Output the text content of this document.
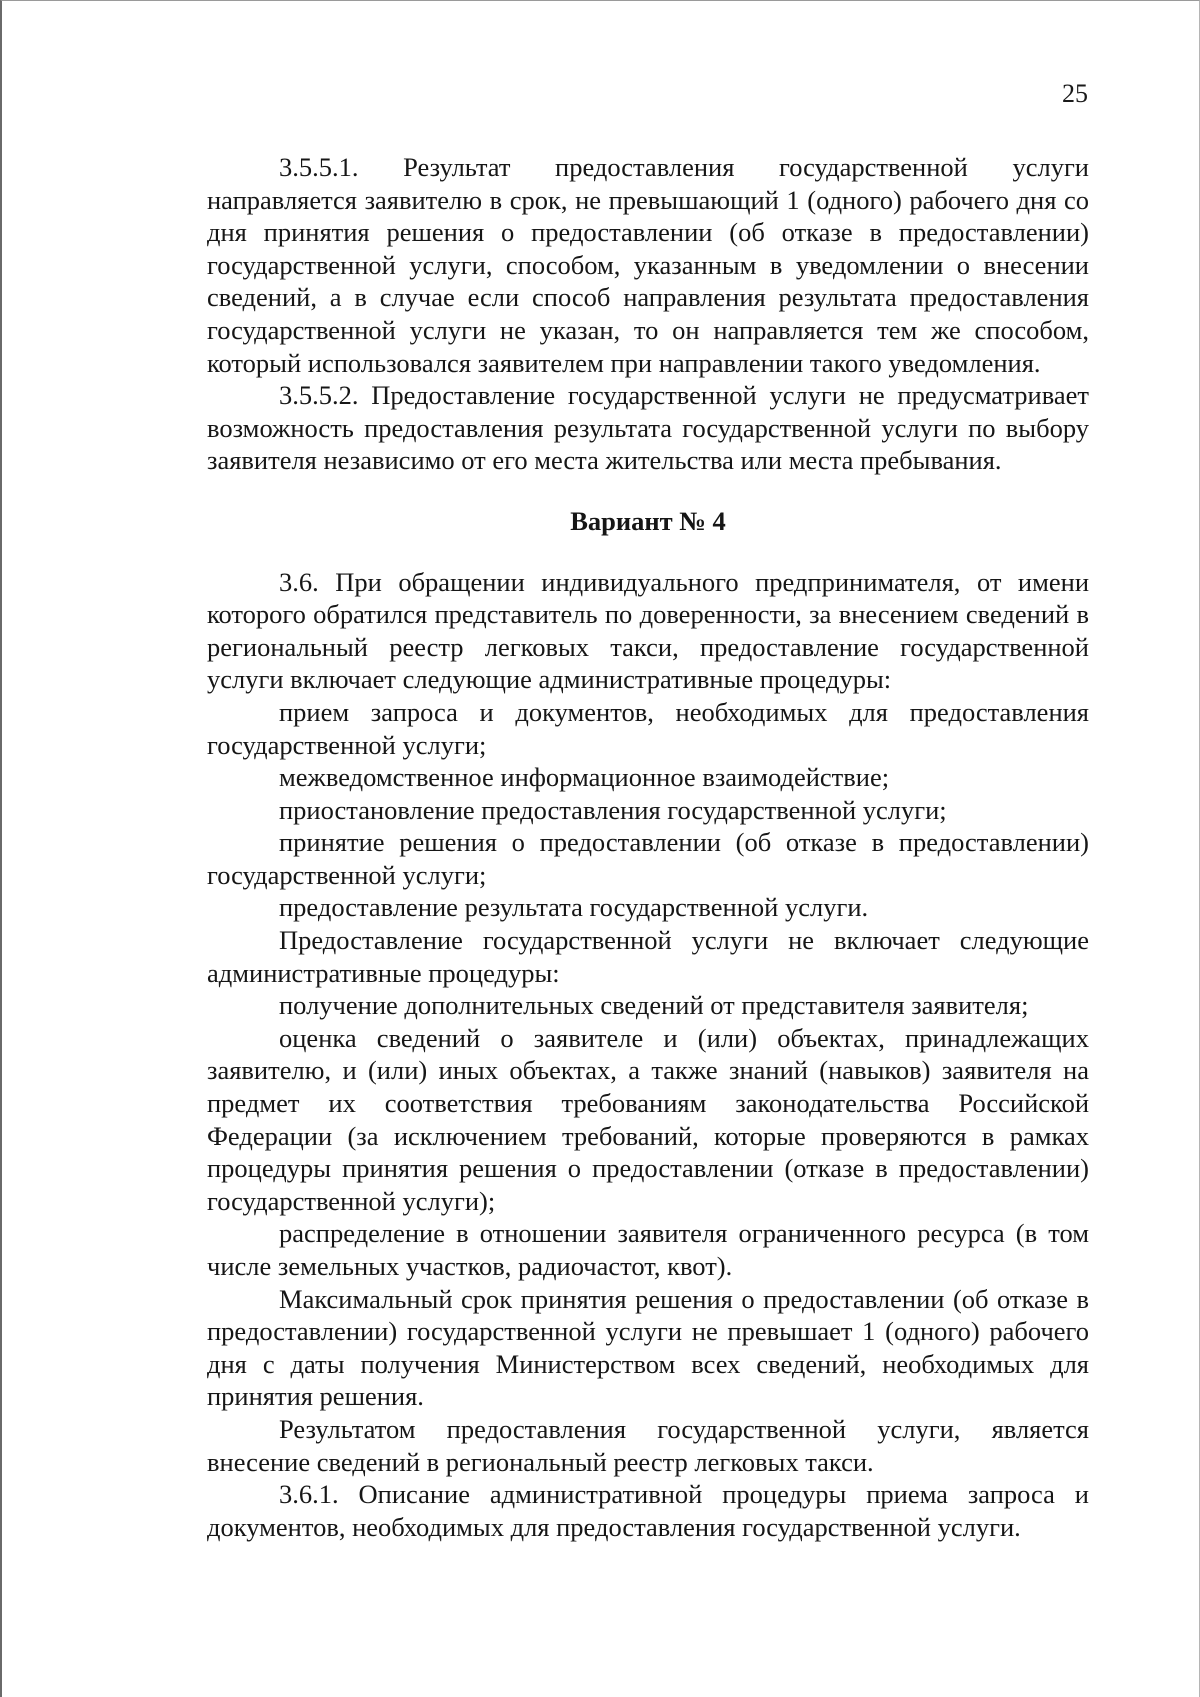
25

3.5.5.1. Результат предоставления государственной услуги направляется заявителю в срок, не превышающий 1 (одного) рабочего дня со дня принятия решения о предоставлении (об отказе в предоставлении) государственной услуги, способом, указанным в уведомлении о внесении сведений, а в случае если способ направления результата предоставления государственной услуги не указан, то он направляется тем же способом, который использовался заявителем при направлении такого уведомления.

3.5.5.2. Предоставление государственной услуги не предусматривает возможность предоставления результата государственной услуги по выбору заявителя независимо от его места жительства или места пребывания.

Вариант № 4

3.6. При обращении индивидуального предпринимателя, от имени которого обратился представитель по доверенности, за внесением сведений в региональный реестр легковых такси, предоставление государственной услуги включает следующие административные процедуры:

прием запроса и документов, необходимых для предоставления государственной услуги;

межведомственное информационное взаимодействие;

приостановление предоставления государственной услуги;

принятие решения о предоставлении (об отказе в предоставлении) государственной услуги;

предоставление результата государственной услуги.

Предоставление государственной услуги не включает следующие административные процедуры:

получение дополнительных сведений от представителя заявителя;

оценка сведений о заявителе и (или) объектах, принадлежащих заявителю, и (или) иных объектах, а также знаний (навыков) заявителя на предмет их соответствия требованиям законодательства Российской Федерации (за исключением требований, которые проверяются в рамках процедуры принятия решения о предоставлении (отказе в предоставлении) государственной услуги);

распределение в отношении заявителя ограниченного ресурса (в том числе земельных участков, радиочастот, квот).

Максимальный срок принятия решения о предоставлении (об отказе в предоставлении) государственной услуги не превышает 1 (одного) рабочего дня с даты получения Министерством всех сведений, необходимых для принятия решения.

Результатом предоставления государственной услуги, является внесение сведений в региональный реестр легковых такси.

3.6.1. Описание административной процедуры приема запроса и документов, необходимых для предоставления государственной услуги.
